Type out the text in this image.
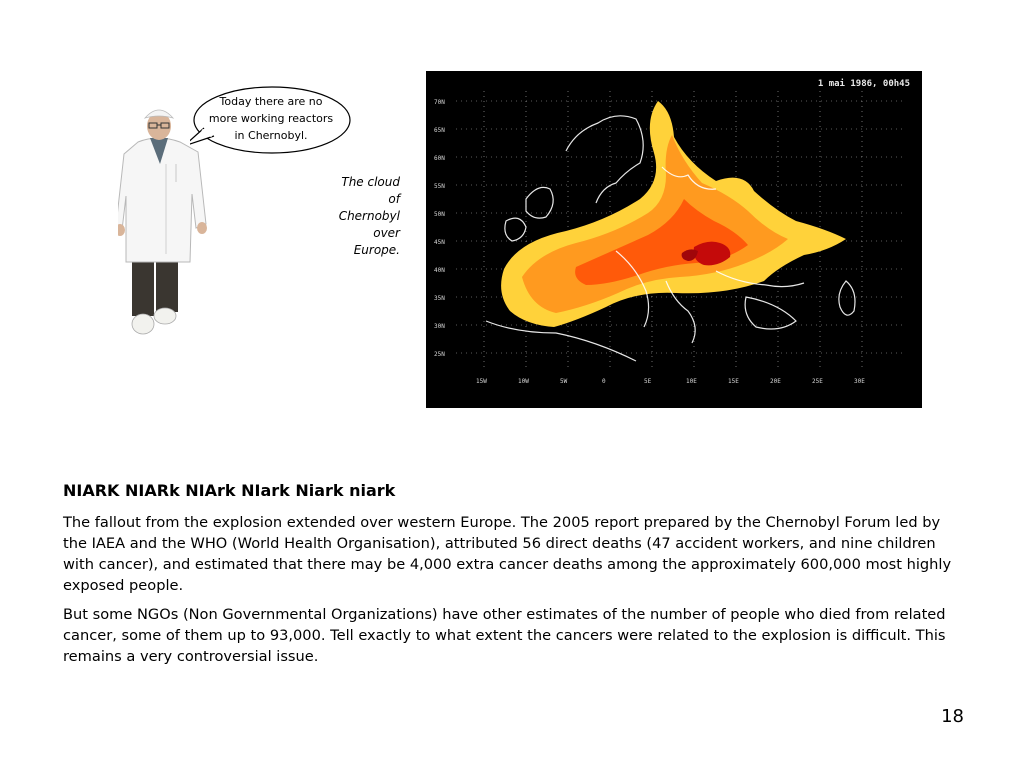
Today there are no
more working reactors
in Chernobyl.
The cloud
of
Chernobyl
over
Europe.
70N
65N
60N
55N
50N
45N
40N
35N
30N
25N
15W	10W	5W	0	5E	10E	15E	20E	25E	30E
1 mai 1986, 00h45
NIARK NIARk NIArk NIark Niark niark
The fallout from the explosion extended over western Europe. The 2005 report prepared by the Chernobyl Forum led by the IAEA and the WHO (World Health Organisation), attributed 56 direct deaths (47 accident workers, and nine children with cancer), and estimated that there may be 4,000 extra cancer deaths among the approximately 600,000 most highly exposed people.
But some NGOs (Non Governmental Organizations) have other estimates of the number of people who died from related cancer, some of them up to 93,000. Tell exactly to what extent the cancers were related to the explosion is difficult. This remains a very controversial issue.
18
